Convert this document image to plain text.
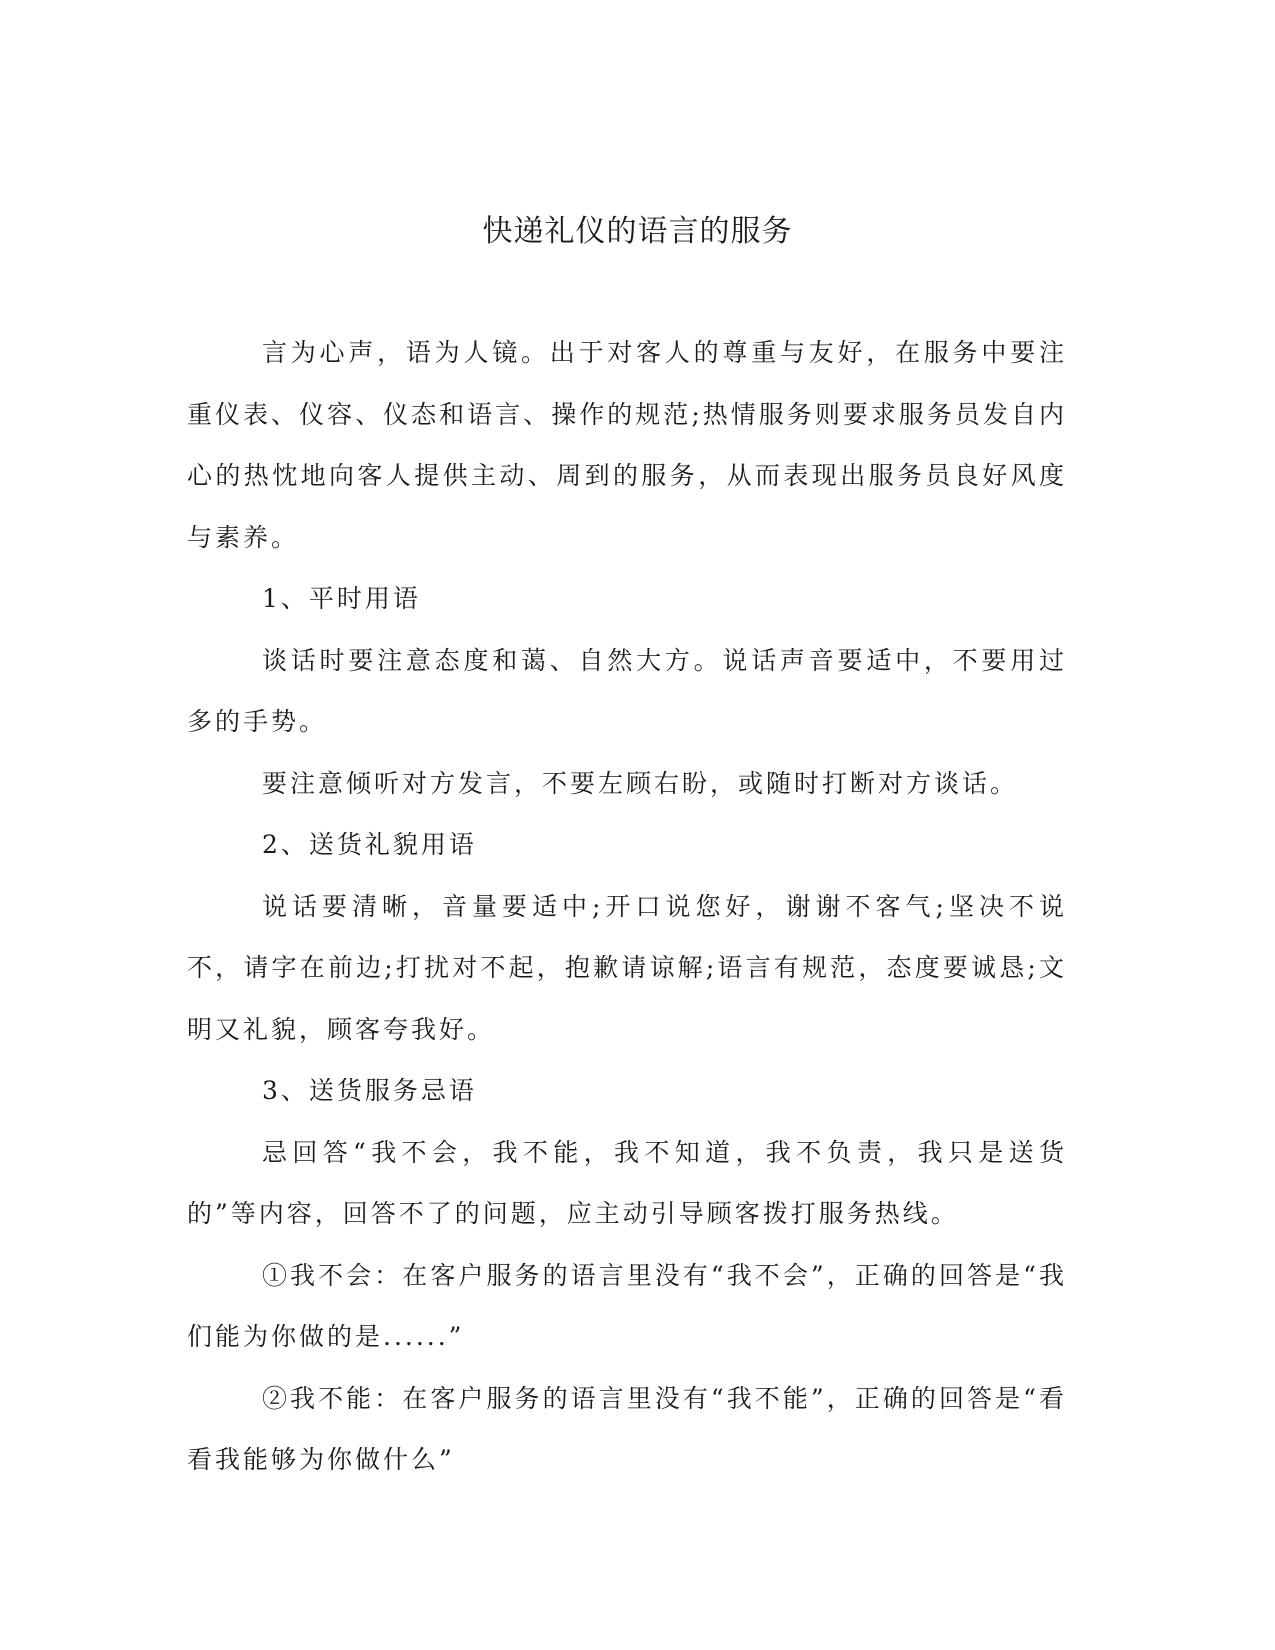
快递礼仪的语言的服务

言为心声，语为人镜。出于对客人的尊重与友好，在服务中要注重仪表、仪容、仪态和语言、操作的规范;热情服务则要求服务员发自内心的热忱地向客人提供主动、周到的服务，从而表现出服务员良好风度与素养。

1、平时用语

谈话时要注意态度和蔼、自然大方。说话声音要适中，不要用过多的手势。

要注意倾听对方发言，不要左顾右盼，或随时打断对方谈话。

2、送货礼貌用语

说话要清晰，音量要适中;开口说您好，谢谢不客气;坚决不说不，请字在前边;打扰对不起，抱歉请谅解;语言有规范，态度要诚恳;文明又礼貌，顾客夸我好。

3、送货服务忌语

忌回答“我不会，我不能，我不知道，我不负责，我只是送货的”等内容，回答不了的问题，应主动引导顾客拨打服务热线。

①我不会：在客户服务的语言里没有“我不会”，正确的回答是“我们能为你做的是......”

②我不能：在客户服务的语言里没有“我不能”，正确的回答是“看看我能够为你做什么”
